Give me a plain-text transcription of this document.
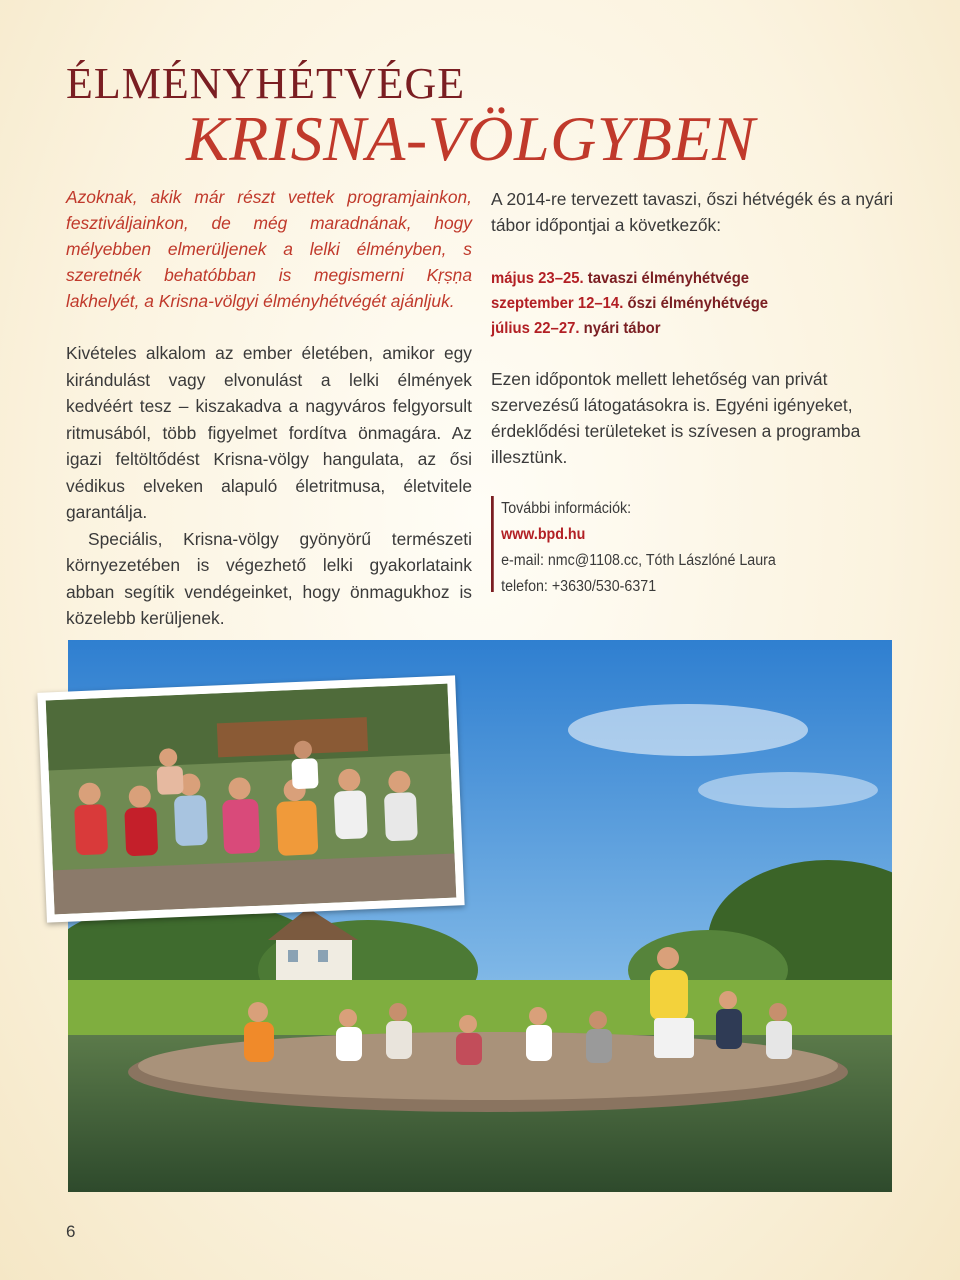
ÉLMÉNYHÉTVÉGE
KRISNA-VÖLGYBEN
Azoknak, akik már részt vettek programjainkon, fesztiváljainkon, de még maradnának, hogy mélyebben elmerüljenek a lelki élményben, s szeretnék behatóbban is megismerni Kṛṣṇa lakhelyét, a Krisna-völgyi élményhétvégét ajánljuk.

Kivételes alkalom az ember életében, amikor egy kirándulást vagy elvonulást a lelki élmények kedvéért tesz – kiszakadva a nagyváros felgyorsult ritmusából, több figyelmet fordítva önmagára. Az igazi feltöltődést Krisna-völgy hangulata, az ősi védikus elveken alapuló életritmusa, életvitele garantálja.

Speciális, Krisna-völgy gyönyörű természeti környezetében is végezhető lelki gyakorlataink abban segítik vendégeinket, hogy önmagukhoz is közelebb kerüljenek.

A 2014-re tervezett tavaszi, őszi hétvégék és a nyári tábor időpontjai a következők:
május 23–25. tavaszi élményhétvége
szeptember 12–14. őszi élményhétvége
július 22–27. nyári tábor
Ezen időpontok mellett lehetőség van privát szervezésű látogatásokra is. Egyéni igényeket, érdeklődési területeket is szívesen a programba illesztünk.
További információk:
www.bpd.hu
e-mail: nmc@1108.cc, Tóth Lászlóné Laura
telefon: +3630/530-6371
6
